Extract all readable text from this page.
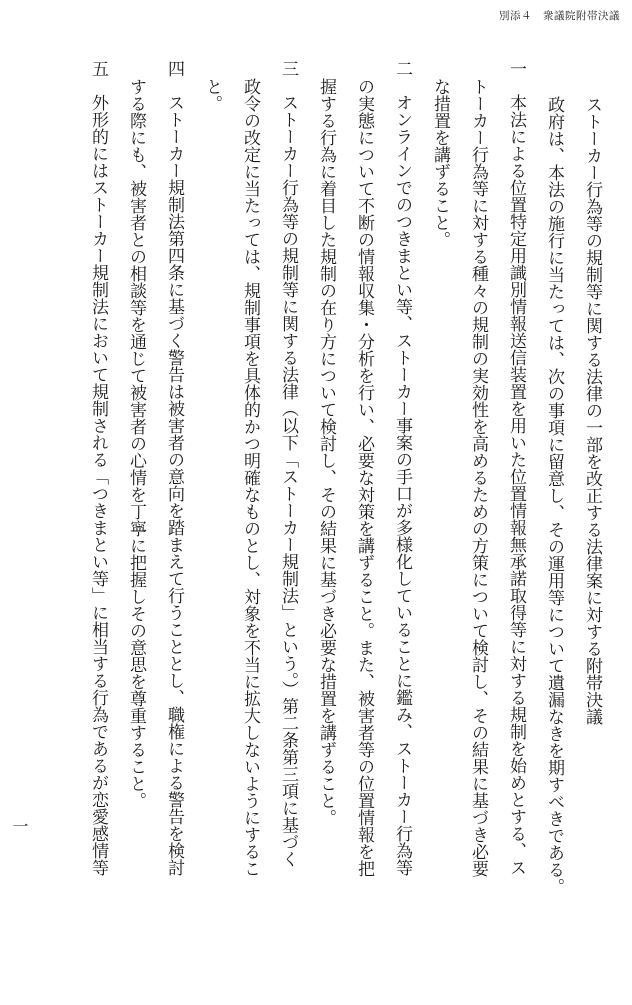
別添４　衆議院附帯決議
ストーカー行為等の規制等に関する法律の一部を改正する法律案に対する附帯決議
政府は、本法の施行に当たっては、次の事項に留意し、その運用等について遺漏なきを期すべきである。
一　本法による位置特定用識別情報送信装置を用いた位置情報無承諾取得等に対する規制を始めとする、ス
トーカー行為等に対する種々の規制の実効性を高めるための方策について検討し、その結果に基づき必要
な措置を講ずること。
二　オンラインでのつきまとい等、ストーカー事案の手口が多様化していることに鑑み、ストーカー行為等
の実態について不断の情報収集・分析を行い、必要な対策を講ずること。また、被害者等の位置情報を把
握する行為に着目した規制の在り方について検討し、その結果に基づき必要な措置を講ずること。
三　ストーカー行為等の規制等に関する法律（以下「ストーカー規制法」という。）第二条第三項に基づく
政令の改定に当たっては、規制事項を具体的かつ明確なものとし、対象を不当に拡大しないようにするこ
と。
四　ストーカー規制法第四条に基づく警告は被害者の意向を踏まえて行うこととし、職権による警告を検討
する際にも、被害者との相談等を通じて被害者の心情を丁寧に把握しその意思を尊重すること。
五　外形的にはストーカー規制法において規制される「つきまとい等」に相当する行為であるが恋愛感情等
一
